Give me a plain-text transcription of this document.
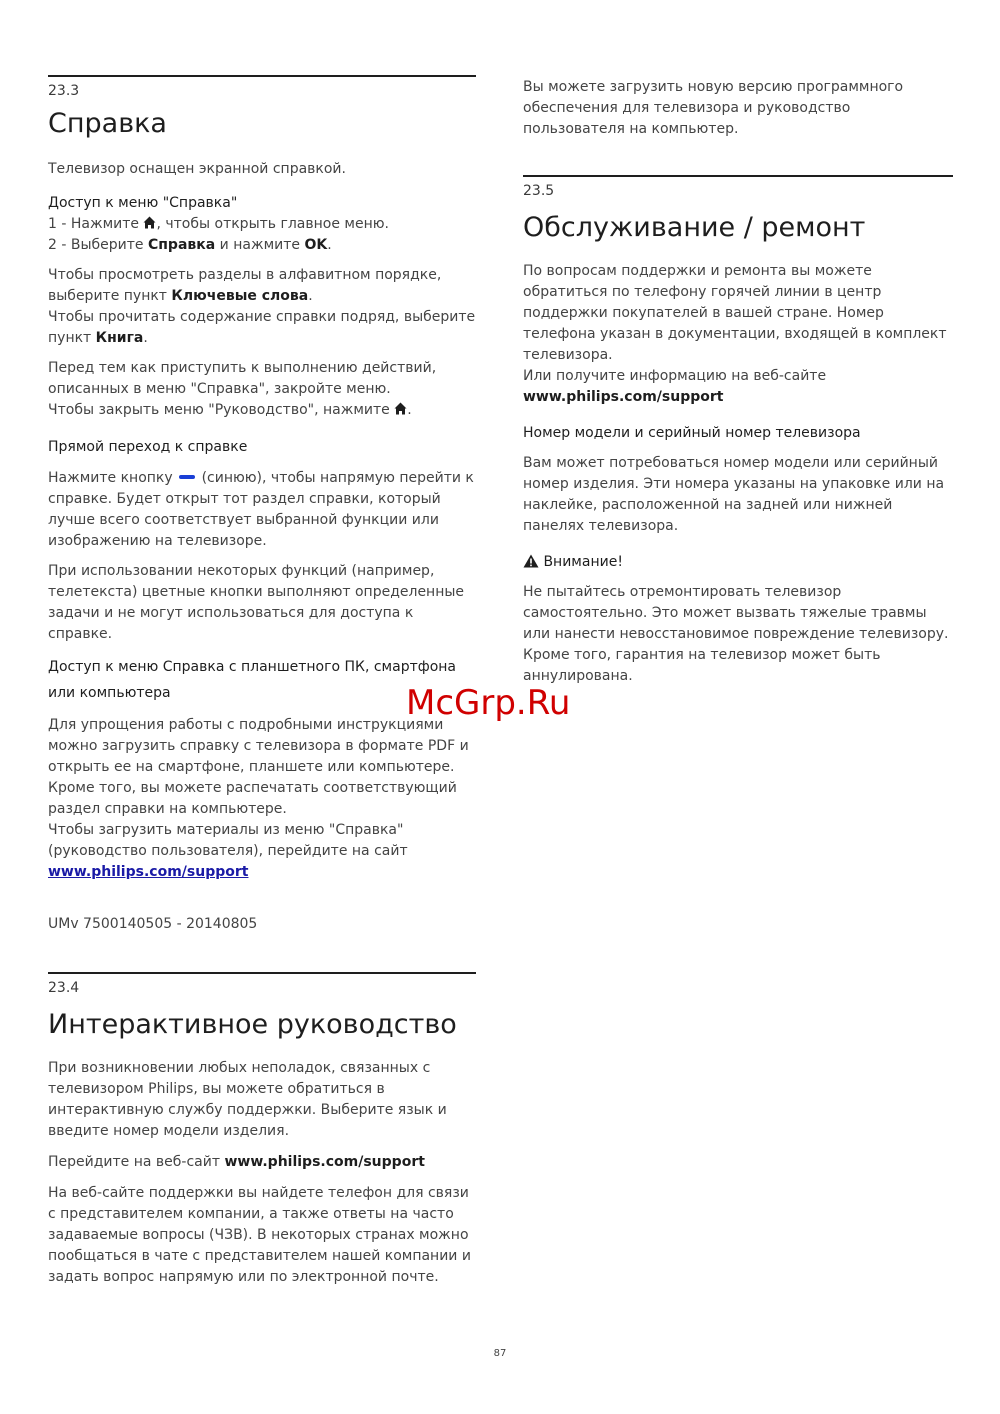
23.3
Справка

Телевизор оснащен экранной справкой.

Доступ к меню "Справка"

1 - Нажмите , чтобы открыть главное меню.

2 - Выберите Справка и нажмите OK.

Чтобы просмотреть разделы в алфавитном порядке, выберите пункт Ключевые слова.
Чтобы прочитать содержание справки подряд, выберите пункт Книга.

Перед тем как приступить к выполнению действий, описанных в меню "Справка", закройте меню.
Чтобы закрыть меню "Руководство", нажмите .

Прямой переход к справке

Нажмите кнопку (синюю), чтобы напрямую перейти к справке. Будет открыт тот раздел справки, который лучше всего соответствует выбранной функции или изображению на телевизоре.

При использовании некоторых функций (например, телетекста) цветные кнопки выполняют определенные задачи и не могут использоваться для доступа к справке.

Доступ к меню Справка с планшетного ПК, смартфона или компьютера

Для упрощения работы с подробными инструкциями можно загрузить справку с телевизора в формате PDF и открыть ее на смартфоне, планшете или компьютере. Кроме того, вы можете распечатать соответствующий раздел справки на компьютере.

Чтобы загрузить материалы из меню "Справка" (руководство пользователя), перейдите на сайт www.philips.com/support

UMv 7500140505 - 20140805

23.4
Интерактивное руководство

При возникновении любых неполадок, связанных с телевизором Philips, вы можете обратиться в интерактивную службу поддержки. Выберите язык и введите номер модели изделия.

Перейдите на веб-сайт www.philips.com/support

На веб-сайте поддержки вы найдете телефон для связи с представителем компании, а также ответы на часто задаваемые вопросы (ЧЗВ). В некоторых странах можно пообщаться в чате с представителем нашей компании и задать вопрос напрямую или по электронной почте.

Вы можете загрузить новую версию программного обеспечения для телевизора и руководство пользователя на компьютер.

23.5
Обслуживание / ремонт

По вопросам поддержки и ремонта вы можете обратиться по телефону горячей линии в центр поддержки покупателей в вашей стране. Номер телефона указан в документации, входящей в комплект телевизора.
Или получите информацию на веб-сайте
www.philips.com/support

Номер модели и серийный номер телевизора

Вам может потребоваться номер модели или серийный номер изделия. Эти номера указаны на упаковке или на наклейке, расположенной на задней или нижней панелях телевизора.

Внимание!

Не пытайтесь отремонтировать телевизор самостоятельно. Это может вызвать тяжелые травмы или нанести невосстановимое повреждение телевизору. Кроме того, гарантия на телевизор может быть аннулирована.

McGrp.Ru
87
